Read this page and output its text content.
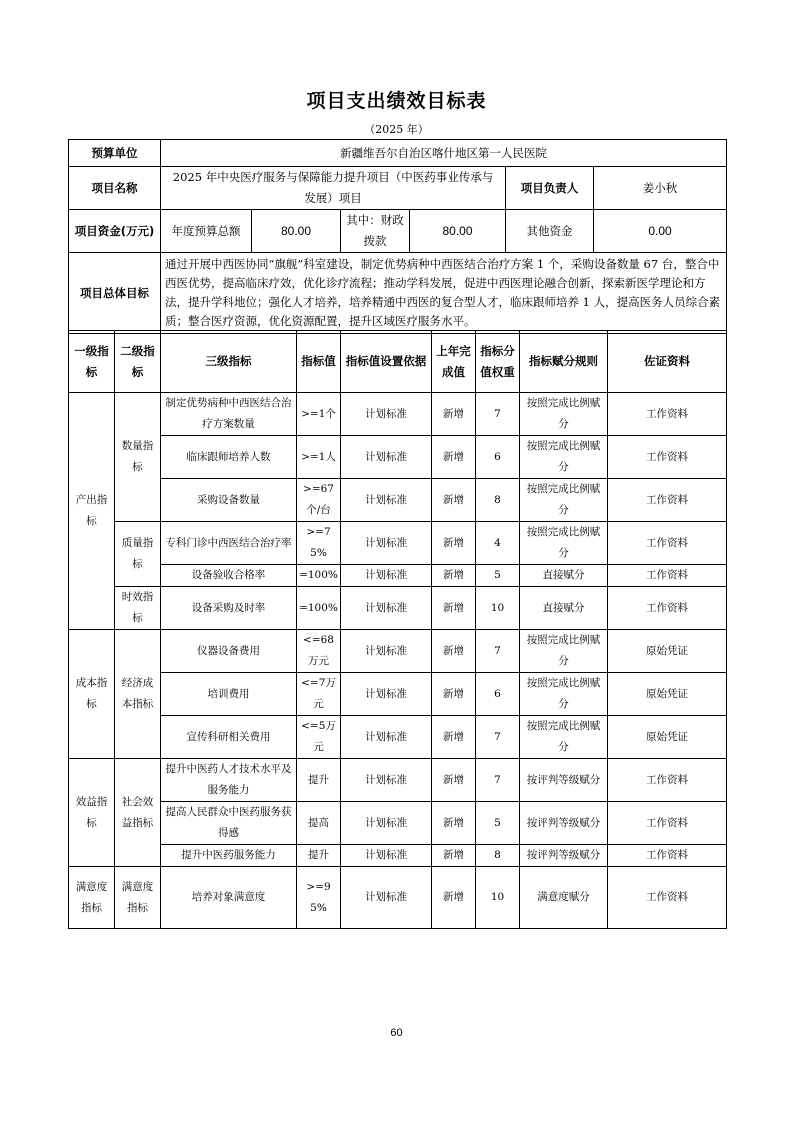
项目支出绩效目标表
（2025 年）
预算单位	新疆维吾尔自治区喀什地区第一人民医院					
项目名称	2025 年中央医疗服务与保障能力提升项目（中医药事业传承与发展）项目				项目负责人	姜小秋
项目资金(万元)	年度预算总额	80.00	其中：财政拨款	80.00	其他资金	0.00
项目总体目标	通过开展中西医协同“旗舰”科室建设，制定优势病种中西医结合治疗方案 1 个，采购设备数量 67 台，整合中西医优势，提高临床疗效，优化诊疗流程；推动学科发展，促进中西医理论融合创新，探索新医学理论和方法，提升学科地位；强化人才培养，培养精通中西医的复合型人才，临床跟师培养 1 人，提高医务人员综合素质；整合医疗资源，优化资源配置，提升区域医疗服务水平。					
一级指标	二级指标	三级指标	指标值	指标值设置依据	上年完成值	指标分值权重	指标赋分规则	佐证资料
产出指标	数量指标	制定优势病种中西医结合治疗方案数量	>=1个	计划标准	新增	7	按照完成比例赋分	工作资料
		临床跟师培养人数	>=1人	计划标准	新增	6	按照完成比例赋分	工作资料
		采购设备数量	>=67个/台	计划标准	新增	8	按照完成比例赋分	工作资料
	质量指标	专科门诊中西医结合治疗率	>=75%	计划标准	新增	4	按照完成比例赋分	工作资料
		设备验收合格率	=100%	计划标准	新增	5	直接赋分	工作资料
	时效指标	设备采购及时率	=100%	计划标准	新增	10	直接赋分	工作资料
成本指标	经济成本指标	仪器设备费用	<=68万元	计划标准	新增	7	按照完成比例赋分	原始凭证
		培训费用	<=7万元	计划标准	新增	6	按照完成比例赋分	原始凭证
		宣传科研相关费用	<=5万元	计划标准	新增	7	按照完成比例赋分	原始凭证
效益指标	社会效益指标	提升中医药人才技术水平及服务能力	提升	计划标准	新增	7	按评判等级赋分	工作资料
		提高人民群众中医药服务获得感	提高	计划标准	新增	5	按评判等级赋分	工作资料
		提升中医药服务能力	提升	计划标准	新增	8	按评判等级赋分	工作资料
满意度指标	满意度指标	培养对象满意度	>=95%	计划标准	新增	10	满意度赋分	工作资料
60
